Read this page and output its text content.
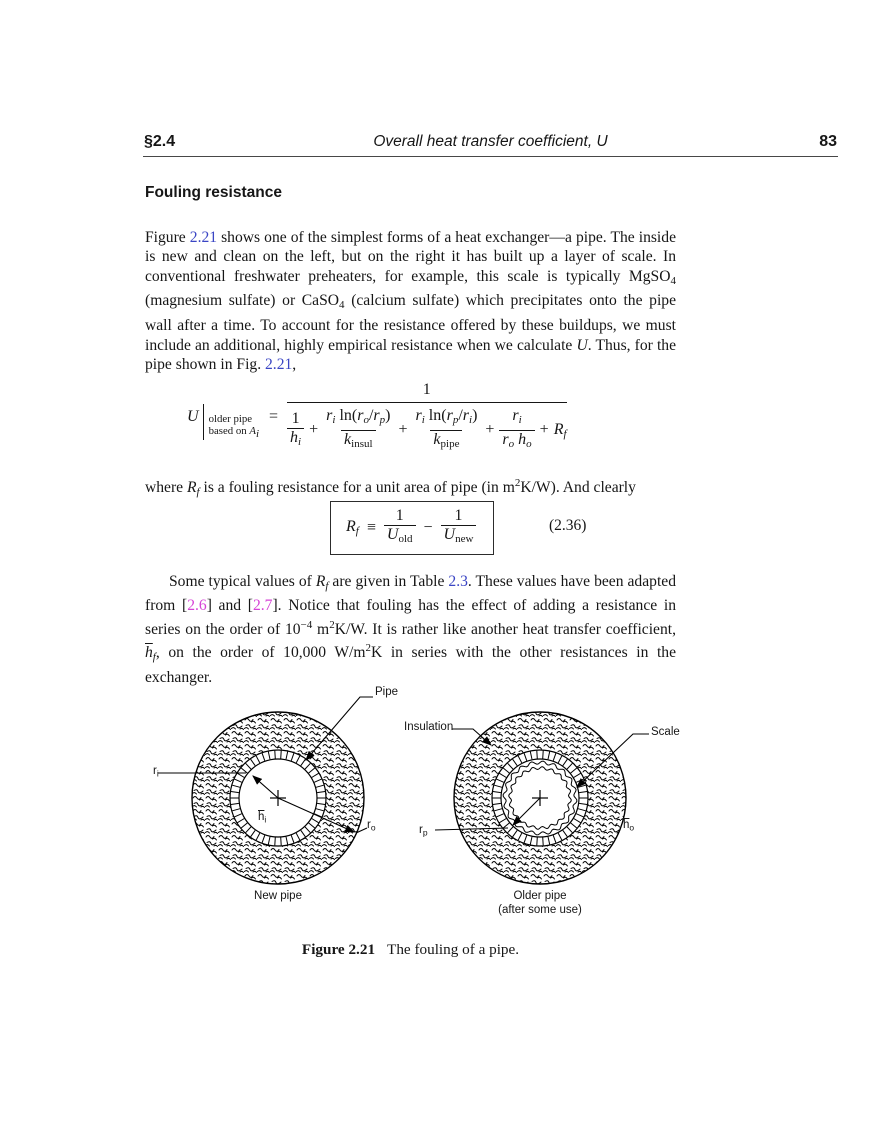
§2.4	Overall heat transfer coefficient, U	83
Fouling resistance

Figure 2.21 shows one of the simplest forms of a heat exchanger—a pipe. The inside is new and clean on the left, but on the right it has built up a layer of scale. In conventional freshwater preheaters, for example, this scale is typically MgSO4 (magnesium sulfate) or CaSO4 (calcium sulfate) which precipitates onto the pipe wall after a time. To account for the resistance offered by these buildups, we must include an additional, highly empirical resistance when we calculate U. Thus, for the pipe shown in Fig. 2.21,

U older pipe
based on Ai
= $\frac{1}{\frac{1}{hi} + \frac{\text{ri ln(ro/rp)}}{\text{kinsul}} + \frac{\text{ri ln(rp/ri)}}{\text{kpipe}} + \frac{ri}{\text{ro ho}} + Rf}$

where Rf is a fouling resistance for a unit area of pipe (in $m^2K/W$). And clearly

$Rf \equiv \frac{1}{\text{Uold}} - \frac{1}{\text{Unew}}$	(2.36)

Some typical values of Rf are given in Table 2.3. These values have been adapted from [2.6] and [2.7]. Notice that fouling has the effect of adding a resistance in series on the order of $10^{-4}$ $m^2K/W$. It is rather like another heat transfer coefficient, $\overline{h}f$, on the order of 10,000 $W/m^2K$ in series with the other resistances in the exchanger.

Pipe
Insulation	Scale
$r_i$
$\overline{h}_i$	$r_o$	$r_p$
$\overline{h}_o$
New pipe	Older pipe
(after some use)
Figure 2.21 The fouling of a pipe.
